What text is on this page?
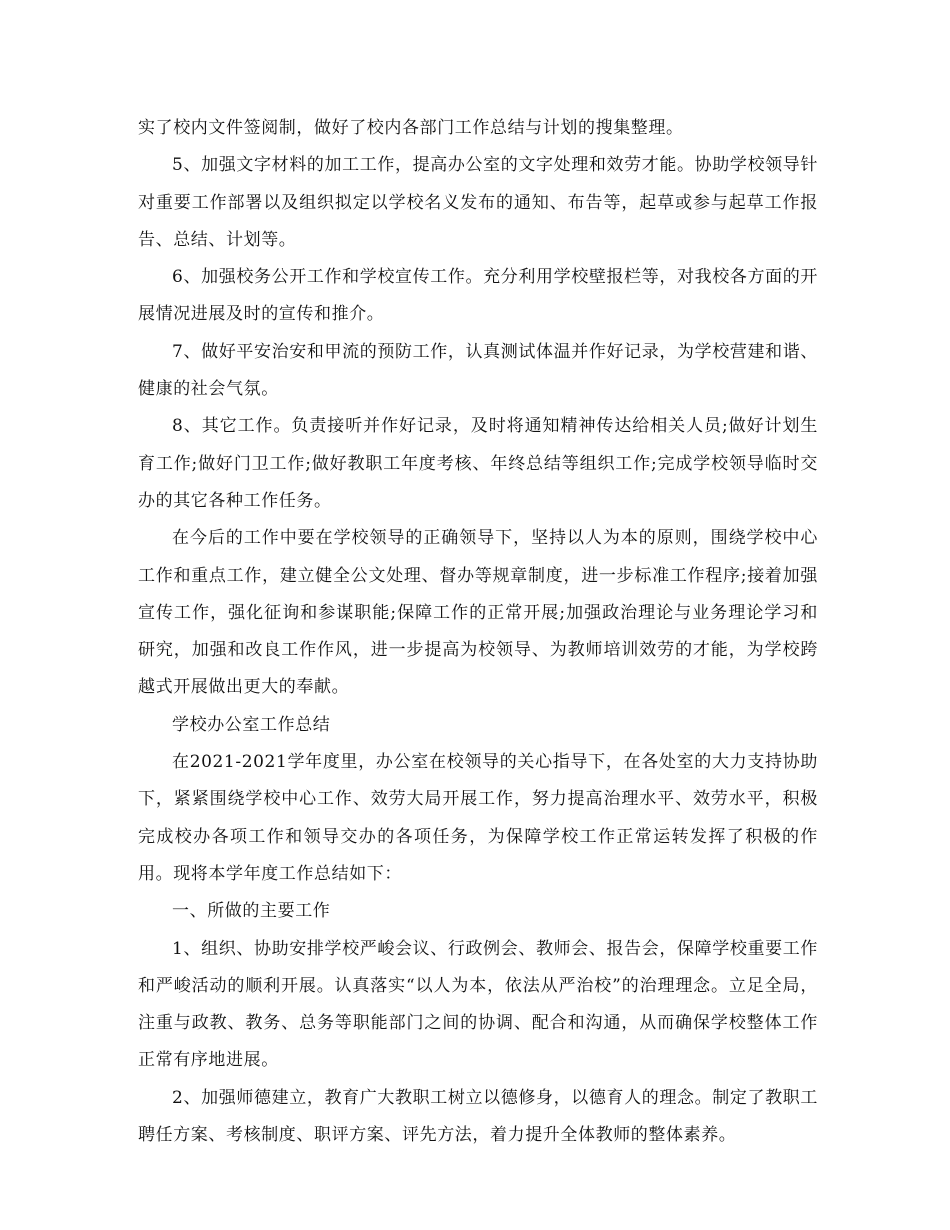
实了校内文件签阅制，做好了校内各部门工作总结与计划的搜集整理。

5、加强文字材料的加工工作，提高办公室的文字处理和效劳才能。协助学校领导针对重要工作部署以及组织拟定以学校名义发布的通知、布告等，起草或参与起草工作报告、总结、计划等。

6、加强校务公开工作和学校宣传工作。充分利用学校壁报栏等，对我校各方面的开展情况进展及时的宣传和推介。

7、做好平安治安和甲流的预防工作，认真测试体温并作好记录，为学校营建和谐、健康的社会气氛。

8、其它工作。负责接听并作好记录，及时将通知精神传达给相关人员;做好计划生育工作;做好门卫工作;做好教职工年度考核、年终总结等组织工作;完成学校领导临时交办的其它各种工作任务。

在今后的工作中要在学校领导的正确领导下，坚持以人为本的原则，围绕学校中心工作和重点工作，建立健全公文处理、督办等规章制度，进一步标准工作程序;接着加强宣传工作，强化征询和参谋职能;保障工作的正常开展;加强政治理论与业务理论学习和研究，加强和改良工作作风，进一步提高为校领导、为教师培训效劳的才能，为学校跨越式开展做出更大的奉献。

学校办公室工作总结

在2021-2021学年度里，办公室在校领导的关心指导下，在各处室的大力支持协助下，紧紧围绕学校中心工作、效劳大局开展工作，努力提高治理水平、效劳水平，积极完成校办各项工作和领导交办的各项任务，为保障学校工作正常运转发挥了积极的作用。现将本学年度工作总结如下：

一、所做的主要工作

1、组织、协助安排学校严峻会议、行政例会、教师会、报告会，保障学校重要工作和严峻活动的顺利开展。认真落实“以人为本，依法从严治校”的治理理念。立足全局，注重与政教、教务、总务等职能部门之间的协调、配合和沟通，从而确保学校整体工作正常有序地进展。

2、加强师德建立，教育广大教职工树立以德修身，以德育人的理念。制定了教职工聘任方案、考核制度、职评方案、评先方法，着力提升全体教师的整体素养。
